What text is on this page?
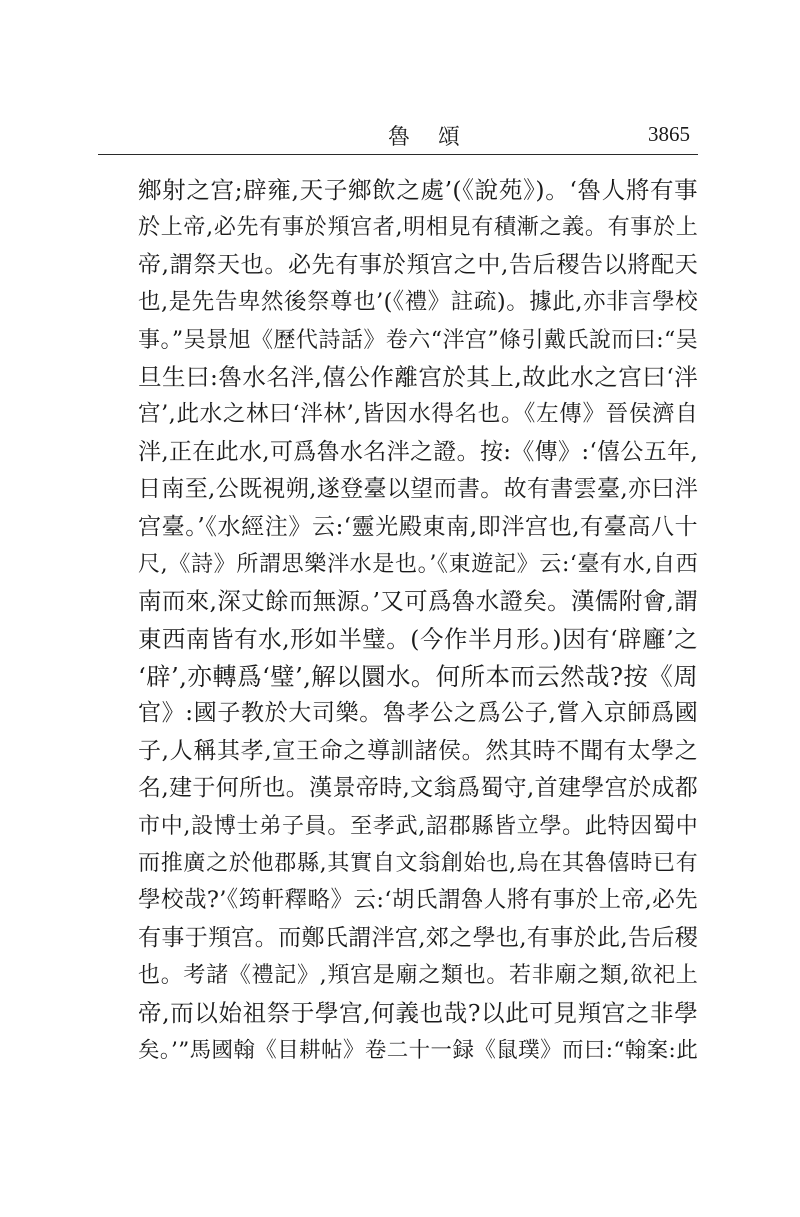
魯頌	3865
鄉射之宫;辟雍,天子鄉飲之處’(《說苑》)。‘魯人將有事
於上帝,必先有事於頖宫者,明相見有積漸之義。有事於上
帝,謂祭天也。必先有事於頖宫之中,告后稷告以將配天
也,是先告卑然後祭尊也’(《禮》註疏)。據此,亦非言學校
事。”吴景旭《歷代詩話》卷六“泮宫”條引戴氏說而曰:“吴
旦生曰:魯水名泮,僖公作離宫於其上,故此水之宫曰‘泮
宫’,此水之林曰‘泮林’,皆因水得名也。《左傳》晉侯濟自
泮,正在此水,可爲魯水名泮之證。按:《傳》:‘僖公五年,
日南至,公既視朔,遂登臺以望而書。故有書雲臺,亦曰泮
宫臺。’《水經注》云:‘靈光殿東南,即泮宫也,有臺高八十
尺,《詩》所謂思樂泮水是也。’《東遊記》云:‘臺有水,自西
南而來,深丈餘而無源。’又可爲魯水證矣。漢儒附會,謂
東西南皆有水,形如半璧。(今作半月形。)因有‘辟廱’之
‘辟’,亦轉爲‘璧’,解以圜水。何所本而云然哉?按《周
官》:國子教於大司樂。魯孝公之爲公子,嘗入京師爲國
子,人稱其孝,宣王命之導訓諸侯。然其時不聞有太學之
名,建于何所也。漢景帝時,文翁爲蜀守,首建學宫於成都
市中,設博士弟子員。至孝武,詔郡縣皆立學。此特因蜀中
而推廣之於他郡縣,其實自文翁創始也,烏在其魯僖時已有
學校哉?’《筠軒釋略》云:‘胡氏謂魯人將有事於上帝,必先
有事于頖宫。而鄭氏謂泮宫,郊之學也,有事於此,告后稷
也。考諸《禮記》,頖宫是廟之類也。若非廟之類,欲祀上
帝,而以始祖祭于學宫,何義也哉?以此可見頖宫之非學
矣。’”馬國翰《目耕帖》卷二十一録《鼠璞》而曰:“翰案:此
